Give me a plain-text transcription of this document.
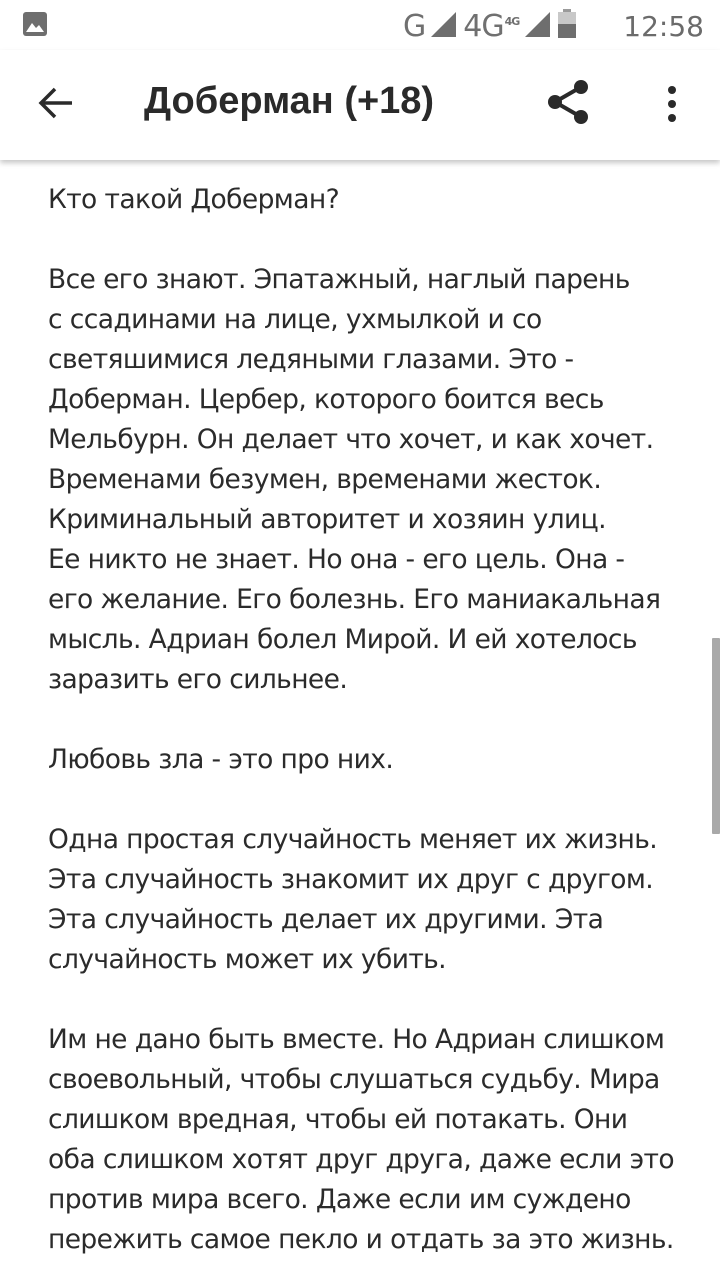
G $4G^{4G}$	12:58
Доберман (+18)
Кто такой Доберман?
Все его знают. Эпатажный, наглый парень
с ссадинами на лице, ухмылкой и со
светяшимися ледяными глазами. Это -
Доберман. Цербер, которого боится весь
Мельбурн. Он делает что хочет, и как хочет.
Временами безумен, временами жесток.
Криминальный авторитет и хозяин улиц.
Ее никто не знает. Но она - его цель. Она -
его желание. Его болезнь. Его маниакальная
мысль. Адриан болел Мирой. И ей хотелось
заразить его сильнее.
Любовь зла - это про них.
Одна простая случайность меняет их жизнь.
Эта случайность знакомит их друг с другом.
Эта случайность делает их другими. Эта
случайность может их убить.
Им не дано быть вместе. Но Адриан слишком
своевольный, чтобы слушаться судьбу. Мира
слишком вредная, чтобы ей потакать. Они
оба слишком хотят друг друга, даже если это
против мира всего. Даже если им суждено
пережить самое пекло и отдать за это жизнь.
